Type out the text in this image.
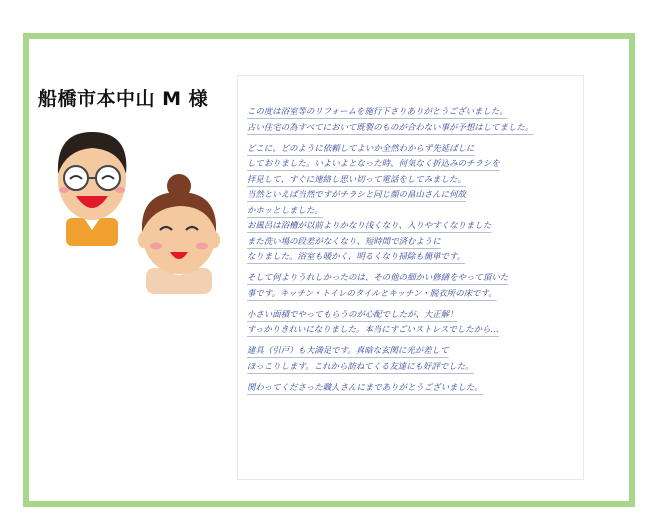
船橋市本中山 M 様
この度は浴室等のリフォームを施行下さりありがとうございました。
古い住宅の為すべてにおいて既製のものが合わない事が予想はしてました。
どこに、どのように依頼してよいか全然わからず先延ばしに
しておりました。いよいよとなった時、何気なく折込みのチラシを
拝見して、すぐに連絡し思い切って電話をしてみました。
当然といえば当然ですがチラシと同じ顔の畠山さんに何故
かホッとしました。
お風呂は浴槽が以前よりかなり浅くなり、入りやすくなりました
また洗い場の段差がなくなり、短時間で済むように
なりました。浴室も暖かく、明るくなり掃除も簡単です。
そして何よりうれしかったのは、その他の細かい修繕をやって頂いた
事です。キッチン・トイレのタイルとキッチン・脱衣所の床です。
小さい面積でやってもらうのが心配でしたが、大正解！
すっかりきれいになりました。本当にすごいストレスでしたから…
建具（引戸）も大満足です。真暗な玄関に光が差して
ほっこりします。これから訪ねてくる友達にも好評でした。
関わってくださった職人さんにまでありがとうございました。
